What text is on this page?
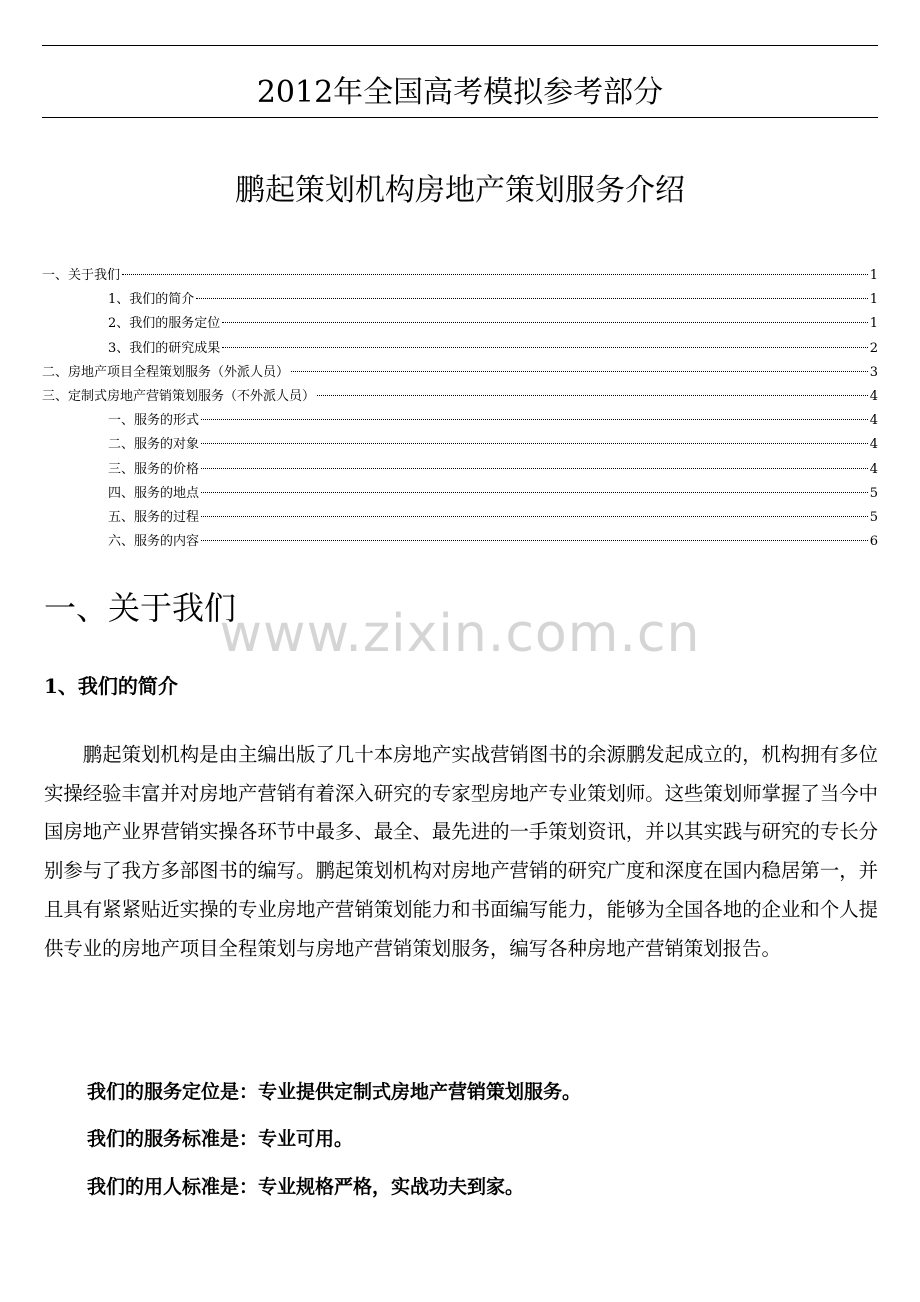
2012年全国高考模拟参考部分
鹏起策划机构房地产策划服务介绍
一、关于我们	1
1、我们的简介	1
2、我们的服务定位	1
3、我们的研究成果	2
二、房地产项目全程策划服务（外派人员）	3
三、定制式房地产营销策划服务（不外派人员）	4
一、服务的形式	4
二、服务的对象	4
三、服务的价格	4
四、服务的地点	5
五、服务的过程	5
六、服务的内容	6
一、关于我们
www.zixin.com.cn
1、我们的简介
鹏起策划机构是由主编出版了几十本房地产实战营销图书的余源鹏发起成立的，机构拥有多位实操经验丰富并对房地产营销有着深入研究的专家型房地产专业策划师。这些策划师掌握了当今中国房地产业界营销实操各环节中最多、最全、最先进的一手策划资讯，并以其实践与研究的专长分别参与了我方多部图书的编写。鹏起策划机构对房地产营销的研究广度和深度在国内稳居第一，并且具有紧紧贴近实操的专业房地产营销策划能力和书面编写能力，能够为全国各地的企业和个人提供专业的房地产项目全程策划与房地产营销策划服务，编写各种房地产营销策划报告。
我们的服务定位是：专业提供定制式房地产营销策划服务。
我们的服务标准是：专业可用。
我们的用人标准是：专业规格严格，实战功夫到家。
